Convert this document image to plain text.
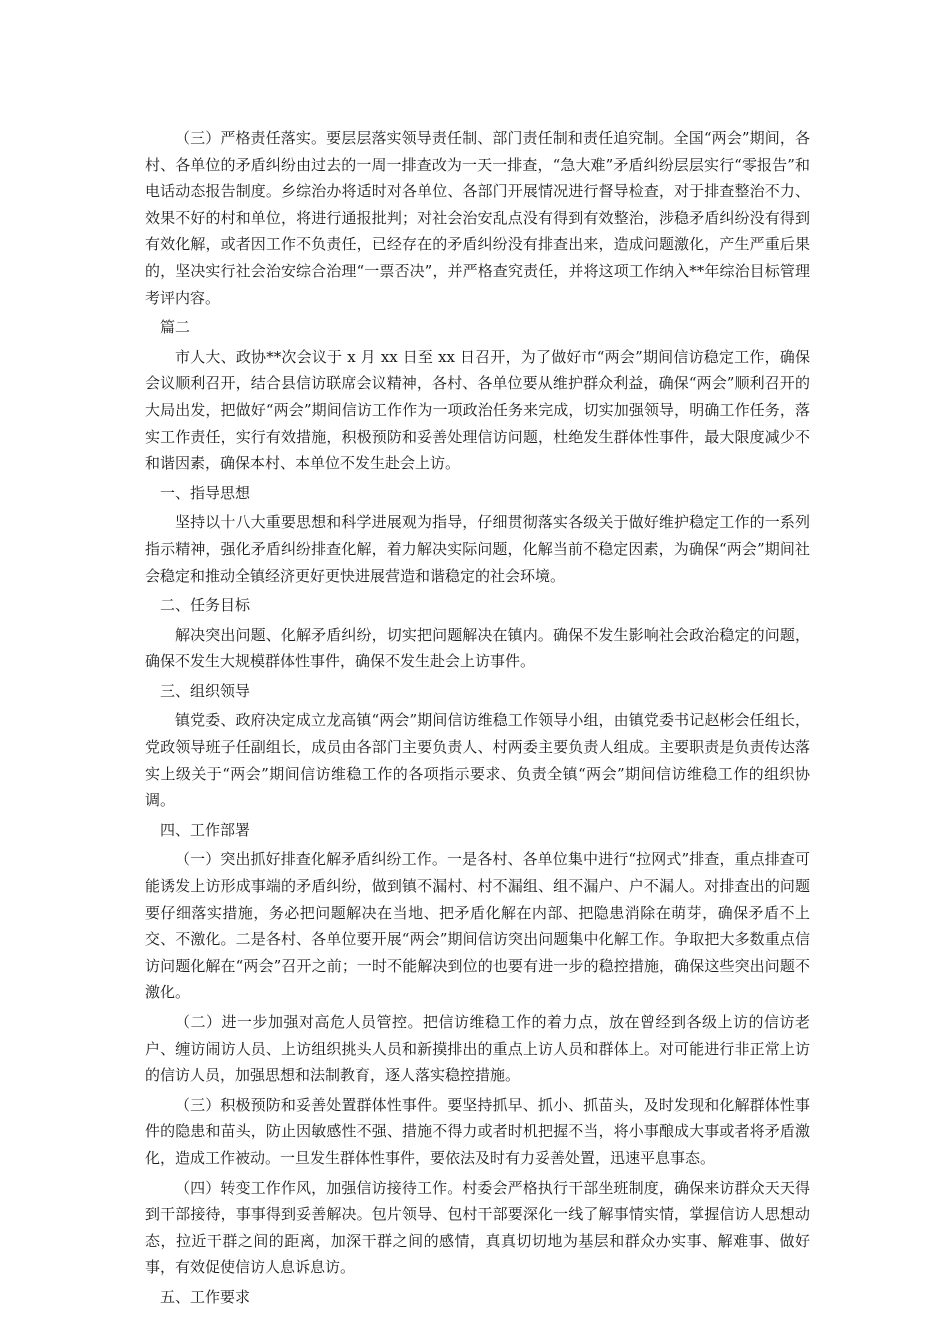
（三）严格责任落实。要层层落实领导责任制、部门责任制和责任追究制。全国“两会”期间，各村、各单位的矛盾纠纷由过去的一周一排查改为一天一排查，“急大难”矛盾纠纷层层实行“零报告”和电话动态报告制度。乡综治办将适时对各单位、各部门开展情况进行督导检查，对于排查整治不力、效果不好的村和单位，将进行通报批判；对社会治安乱点没有得到有效整治，涉稳矛盾纠纷没有得到有效化解，或者因工作不负责任，已经存在的矛盾纠纷没有排查出来，造成问题激化，产生严重后果的，坚决实行社会治安综合治理“一票否决”，并严格查究责任，并将这项工作纳入**年综治目标管理考评内容。

篇二

市人大、政协**次会议于 x 月 xx 日至 xx 日召开，为了做好市“两会”期间信访稳定工作，确保会议顺利召开，结合县信访联席会议精神，各村、各单位要从维护群众利益，确保“两会”顺利召开的大局出发，把做好“两会”期间信访工作作为一项政治任务来完成，切实加强领导，明确工作任务，落实工作责任，实行有效措施，积极预防和妥善处理信访问题，杜绝发生群体性事件，最大限度减少不和谐因素，确保本村、本单位不发生赴会上访。

一、指导思想

坚持以十八大重要思想和科学进展观为指导，仔细贯彻落实各级关于做好维护稳定工作的一系列指示精神，强化矛盾纠纷排查化解，着力解决实际问题，化解当前不稳定因素，为确保“两会”期间社会稳定和推动全镇经济更好更快进展营造和谐稳定的社会环境。

二、任务目标

解决突出问题、化解矛盾纠纷，切实把问题解决在镇内。确保不发生影响社会政治稳定的问题，确保不发生大规模群体性事件，确保不发生赴会上访事件。

三、组织领导

镇党委、政府决定成立龙高镇“两会”期间信访维稳工作领导小组，由镇党委书记赵彬会任组长，党政领导班子任副组长，成员由各部门主要负责人、村两委主要负责人组成。主要职责是负责传达落实上级关于“两会”期间信访维稳工作的各项指示要求、负责全镇“两会”期间信访维稳工作的组织协调。

四、工作部署

（一）突出抓好排查化解矛盾纠纷工作。一是各村、各单位集中进行“拉网式”排查，重点排查可能诱发上访形成事端的矛盾纠纷，做到镇不漏村、村不漏组、组不漏户、户不漏人。对排查出的问题要仔细落实措施，务必把问题解决在当地、把矛盾化解在内部、把隐患消除在萌芽，确保矛盾不上交、不激化。二是各村、各单位要开展“两会”期间信访突出问题集中化解工作。争取把大多数重点信访问题化解在“两会”召开之前；一时不能解决到位的也要有进一步的稳控措施，确保这些突出问题不激化。

（二）进一步加强对高危人员管控。把信访维稳工作的着力点，放在曾经到各级上访的信访老户、缠访闹访人员、上访组织挑头人员和新摸排出的重点上访人员和群体上。对可能进行非正常上访的信访人员，加强思想和法制教育，逐人落实稳控措施。

（三）积极预防和妥善处置群体性事件。要坚持抓早、抓小、抓苗头，及时发现和化解群体性事件的隐患和苗头，防止因敏感性不强、措施不得力或者时机把握不当，将小事酿成大事或者将矛盾激化，造成工作被动。一旦发生群体性事件，要依法及时有力妥善处置，迅速平息事态。

（四）转变工作作风，加强信访接待工作。村委会严格执行干部坐班制度，确保来访群众天天得到干部接待，事事得到妥善解决。包片领导、包村干部要深化一线了解事情实情，掌握信访人思想动态，拉近干群之间的距离，加深干群之间的感情，真真切切地为基层和群众办实事、解难事、做好事，有效促使信访人息诉息访。

五、工作要求
